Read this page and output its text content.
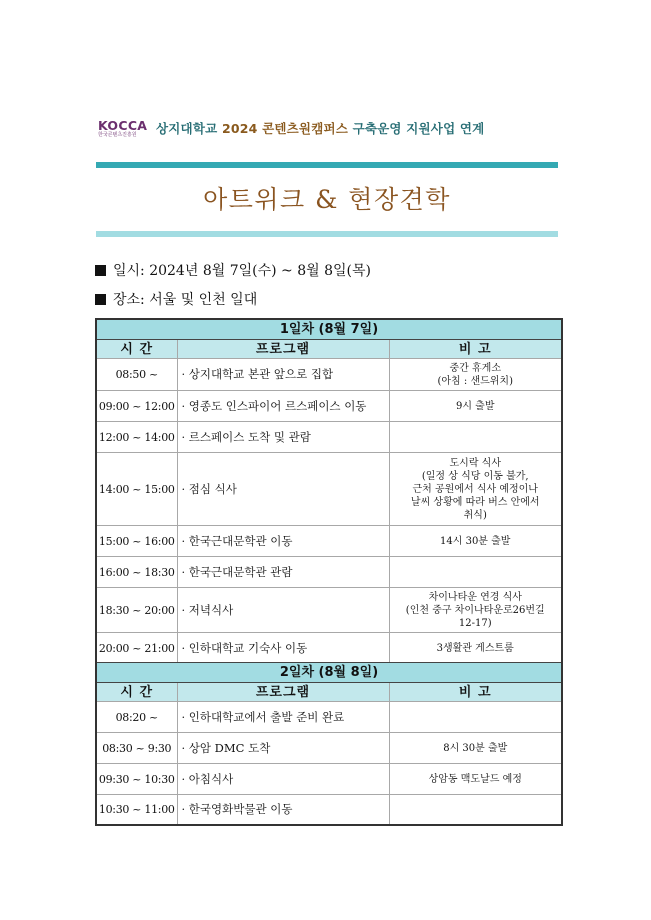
KOCCA
한국콘텐츠진흥원 상지대학교 2024 콘텐츠원캠퍼스 구축운영 지원사업 연계
아트위크 & 현장견학
일시: 2024년 8월 7일(수) ~ 8월 8일(목)
장소: 서울 및 인천 일대
1일차 (8월 7일)		
시 간	프로그램	비 고
08:50 ~	· 상지대학교 본관 앞으로 집합	중간 휴게소
(아침 : 샌드위치)

09:00 ~ 12:00	· 영종도 인스파이어 르스페이스 이동	9시 출발

12:00 ~ 14:00	· 르스페이스 도착 및 관람	
14:00 ~ 15:00	· 점심 식사	도시락 식사
(일정 상 식당 이동 불가,
근처 공원에서 식사 예정이나
날씨 상황에 따라 버스 안에서
취식)

15:00 ~ 16:00	· 한국근대문학관 이동	14시 30분 출발

16:00 ~ 18:30	· 한국근대문학관 관람	
18:30 ~ 20:00	· 저녁식사	차이나타운 연경 식사
(인천 중구 차이나타운로26번길
12-17)

20:00 ~ 21:00	· 인하대학교 기숙사 이동	3생활관 게스트룸
2일차 (8월 8일)		
시 간	프로그램	비 고
08:20 ~	· 인하대학교에서 출발 준비 완료	
08:30 ~ 9:30	· 상암 DMC 도착	8시 30분 출발

09:30 ~ 10:30	· 아침식사	상암동 맥도날드 예정

10:30 ~ 11:00	· 한국영화박물관 이동	
